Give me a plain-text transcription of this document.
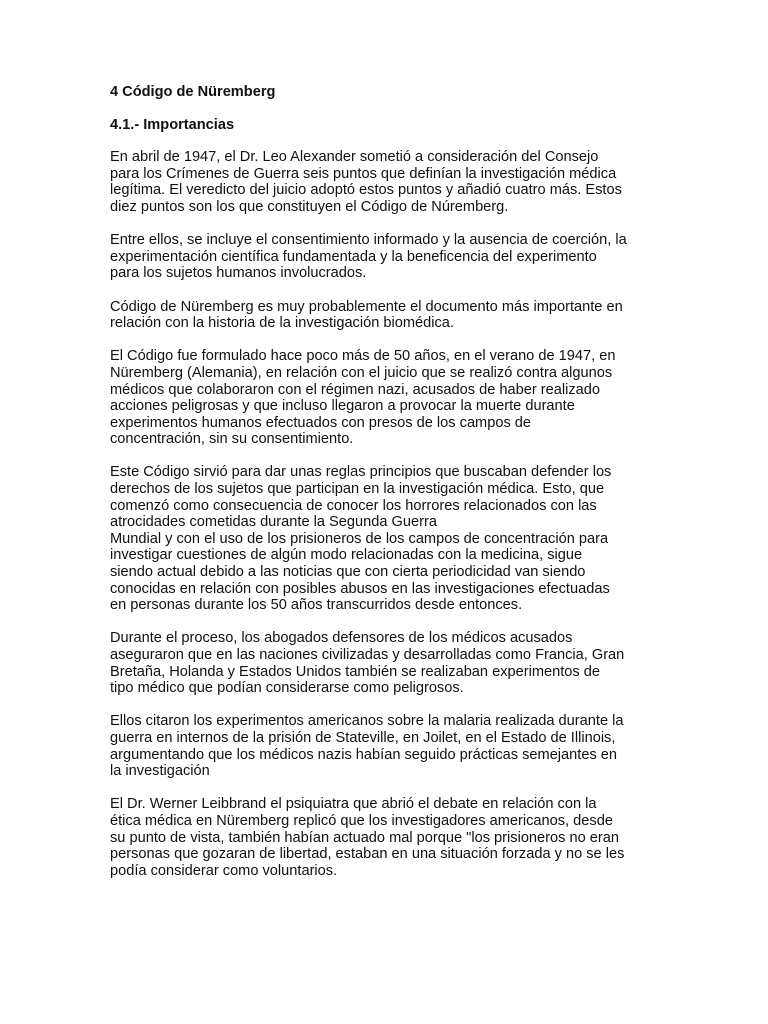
4 Código de Nüremberg
4.1.- Importancias
En abril de 1947, el Dr. Leo Alexander sometió a consideración del Consejo
para los Crímenes de Guerra seis puntos que definían la investigación médica
legítima. El veredicto del juicio adoptó estos puntos y añadió cuatro más. Estos
diez puntos son los que constituyen el Código de Núremberg.
Entre ellos, se incluye el consentimiento informado y la ausencia de coerción, la
experimentación científica fundamentada y la beneficencia del experimento
para los sujetos humanos involucrados.
Código de Nüremberg es muy probablemente el documento más importante en
relación con la historia de la investigación biomédica.
El Código fue formulado hace poco más de 50 años, en el verano de 1947, en
Nüremberg (Alemania), en relación con el juicio que se realizó contra algunos
médicos que colaboraron con el régimen nazi, acusados de haber realizado
acciones peligrosas y que incluso llegaron a provocar la muerte durante
experimentos humanos efectuados con presos de los campos de
concentración, sin su consentimiento.
Este Código sirvió para dar unas reglas principios que buscaban defender los
derechos de los sujetos que participan en la investigación médica. Esto, que
comenzó como consecuencia de conocer los horrores relacionados con las
atrocidades cometidas durante la Segunda Guerra
Mundial y con el uso de los prisioneros de los campos de concentración para
investigar cuestiones de algún modo relacionadas con la medicina, sigue
siendo actual debido a las noticias que con cierta periodicidad van siendo
conocidas en relación con posibles abusos en las investigaciones efectuadas
en personas durante los 50 años transcurridos desde entonces.
Durante el proceso, los abogados defensores de los médicos acusados
aseguraron que en las naciones civilizadas y desarrolladas como Francia, Gran
Bretaña, Holanda y Estados Unidos también se realizaban experimentos de
tipo médico que podían considerarse como peligrosos.
Ellos citaron los experimentos americanos sobre la malaria realizada durante la
guerra en internos de la prisión de Stateville, en Joilet, en el Estado de Illinois,
argumentando que los médicos nazis habían seguido prácticas semejantes en
la investigación
El Dr. Werner Leibbrand el psiquiatra que abrió el debate en relación con la
ética médica en Nüremberg replicó que los investigadores americanos, desde
su punto de vista, también habían actuado mal porque "los prisioneros no eran
personas que gozaran de libertad, estaban en una situación forzada y no se les
podía considerar como voluntarios.
